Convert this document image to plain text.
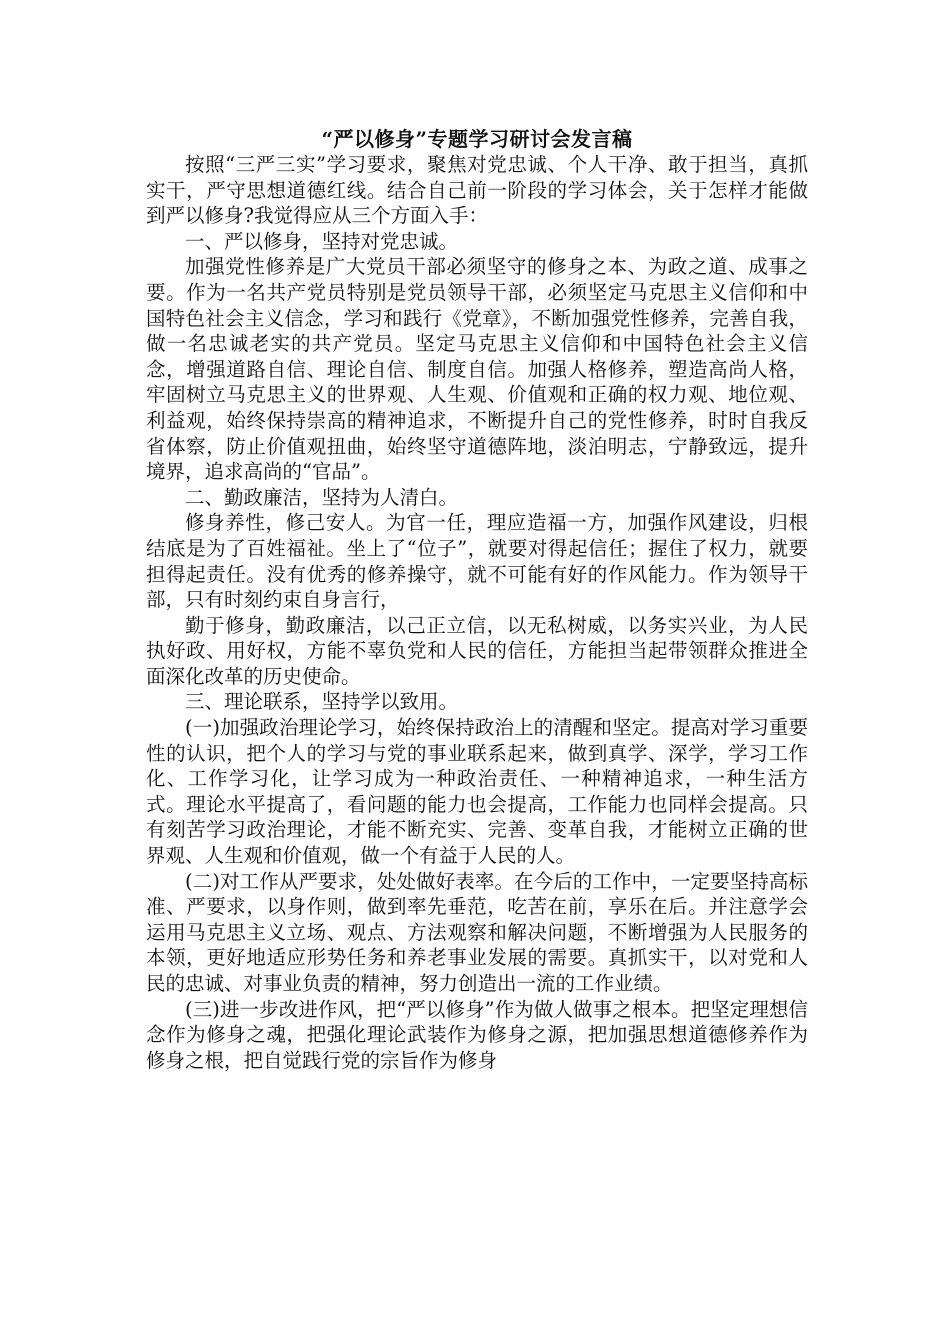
“严以修身”专题学习研讨会发言稿

按照“三严三实”学习要求，聚焦对党忠诚、个人干净、敢于担当，真抓实干，严守思想道德红线。结合自己前一阶段的学习体会，关于怎样才能做到严以修身?我觉得应从三个方面入手：

一、严以修身，坚持对党忠诚。

加强党性修养是广大党员干部必须坚守的修身之本、为政之道、成事之要。作为一名共产党员特别是党员领导干部，必须坚定马克思主义信仰和中国特色社会主义信念，学习和践行《党章》，不断加强党性修养，完善自我，做一名忠诚老实的共产党员。坚定马克思主义信仰和中国特色社会主义信念，增强道路自信、理论自信、制度自信。加强人格修养，塑造高尚人格，牢固树立马克思主义的世界观、人生观、价值观和正确的权力观、地位观、利益观，始终保持崇高的精神追求，不断提升自己的党性修养，时时自我反省体察，防止价值观扭曲，始终坚守道德阵地，淡泊明志，宁静致远，提升境界，追求高尚的“官品”。

二、勤政廉洁，坚持为人清白。

修身养性，修己安人。为官一任，理应造福一方，加强作风建设，归根结底是为了百姓福祉。坐上了“位子”，就要对得起信任；握住了权力，就要担得起责任。没有优秀的修养操守，就不可能有好的作风能力。作为领导干部，只有时刻约束自身言行，

勤于修身，勤政廉洁，以己正立信，以无私树威，以务实兴业，为人民执好政、用好权，方能不辜负党和人民的信任，方能担当起带领群众推进全面深化改革的历史使命。

三、理论联系，坚持学以致用。

(一)加强政治理论学习，始终保持政治上的清醒和坚定。提高对学习重要性的认识，把个人的学习与党的事业联系起来，做到真学、深学，学习工作化、工作学习化，让学习成为一种政治责任、一种精神追求，一种生活方式。理论水平提高了，看问题的能力也会提高，工作能力也同样会提高。只有刻苦学习政治理论，才能不断充实、完善、变革自我，才能树立正确的世界观、人生观和价值观，做一个有益于人民的人。

(二)对工作从严要求，处处做好表率。在今后的工作中，一定要坚持高标准、严要求，以身作则，做到率先垂范，吃苦在前，享乐在后。并注意学会运用马克思主义立场、观点、方法观察和解决问题，不断增强为人民服务的本领，更好地适应形势任务和养老事业发展的需要。真抓实干，以对党和人民的忠诚、对事业负责的精神，努力创造出一流的工作业绩。

(三)进一步改进作风，把“严以修身”作为做人做事之根本。把坚定理想信念作为修身之魂，把强化理论武装作为修身之源，把加强思想道德修养作为修身之根，把自觉践行党的宗旨作为修身
